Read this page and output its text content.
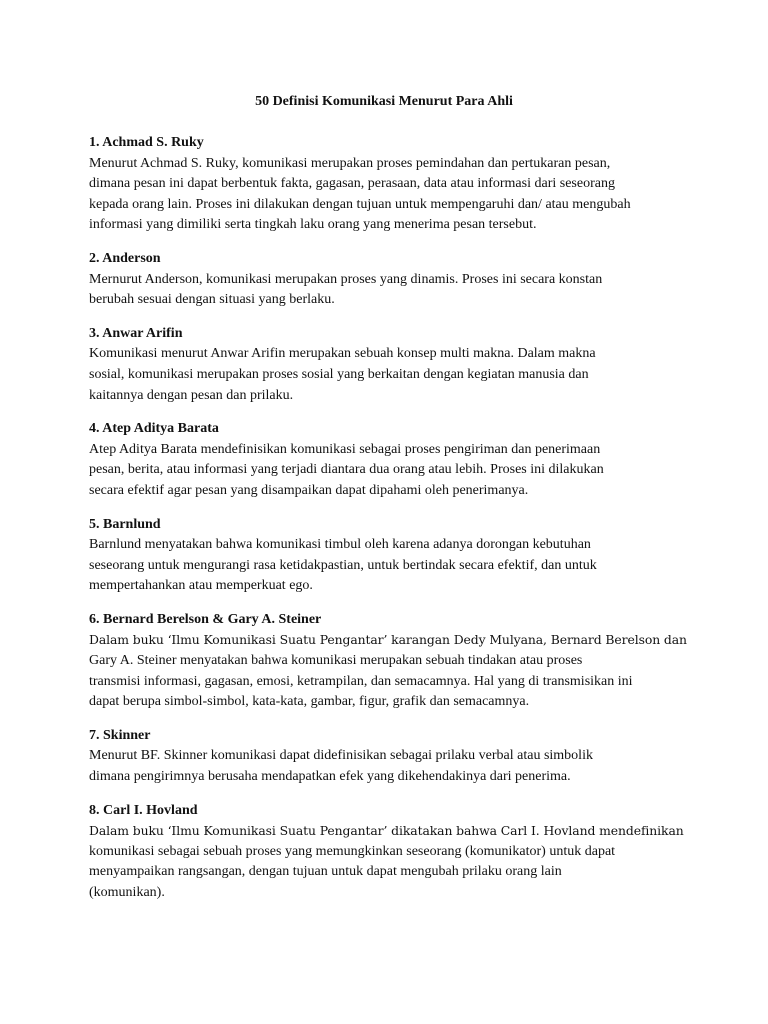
50 Definisi Komunikasi Menurut Para Ahli

1. Achmad S. Ruky

Menurut Achmad S. Ruky, komunikasi merupakan proses pemindahan dan pertukaran pesan,
dimana pesan ini dapat berbentuk fakta, gagasan, perasaan, data atau informasi dari seseorang
kepada orang lain. Proses ini dilakukan dengan tujuan untuk mempengaruhi dan/ atau mengubah
informasi yang dimiliki serta tingkah laku orang yang menerima pesan tersebut.

2. Anderson

Mernurut Anderson, komunikasi merupakan proses yang dinamis. Proses ini secara konstan
berubah sesuai dengan situasi yang berlaku.

3. Anwar Arifin

Komunikasi menurut Anwar Arifin merupakan sebuah konsep multi makna. Dalam makna
sosial, komunikasi merupakan proses sosial yang berkaitan dengan kegiatan manusia dan
kaitannya dengan pesan dan prilaku.

4. Atep Aditya Barata

Atep Aditya Barata mendefinisikan komunikasi sebagai proses pengiriman dan penerimaan
pesan, berita, atau informasi yang terjadi diantara dua orang atau lebih. Proses ini dilakukan
secara efektif agar pesan yang disampaikan dapat dipahami oleh penerimanya.

5. Barnlund

Barnlund menyatakan bahwa komunikasi timbul oleh karena adanya dorongan kebutuhan
seseorang untuk mengurangi rasa ketidakpastian, untuk bertindak secara efektif, dan untuk
mempertahankan atau memperkuat ego.

6. Bernard Berelson & Gary A. Steiner

Dalam buku ‘Ilmu Komunikasi Suatu Pengantar’ karangan Dedy Mulyana, Bernard Berelson dan
Gary A. Steiner menyatakan bahwa komunikasi merupakan sebuah tindakan atau proses
transmisi informasi, gagasan, emosi, ketrampilan, dan semacamnya. Hal yang di transmisikan ini
dapat berupa simbol-simbol, kata-kata, gambar, figur, grafik dan semacamnya.

7. Skinner

Menurut BF. Skinner komunikasi dapat didefinisikan sebagai prilaku verbal atau simbolik
dimana pengirimnya berusaha mendapatkan efek yang dikehendakinya dari penerima.

8. Carl I. Hovland

Dalam buku ‘Ilmu Komunikasi Suatu Pengantar’ dikatakan bahwa Carl I. Hovland mendefinikan
komunikasi sebagai sebuah proses yang memungkinkan seseorang (komunikator) untuk dapat
menyampaikan rangsangan, dengan tujuan untuk dapat mengubah prilaku orang lain
(komunikan).
